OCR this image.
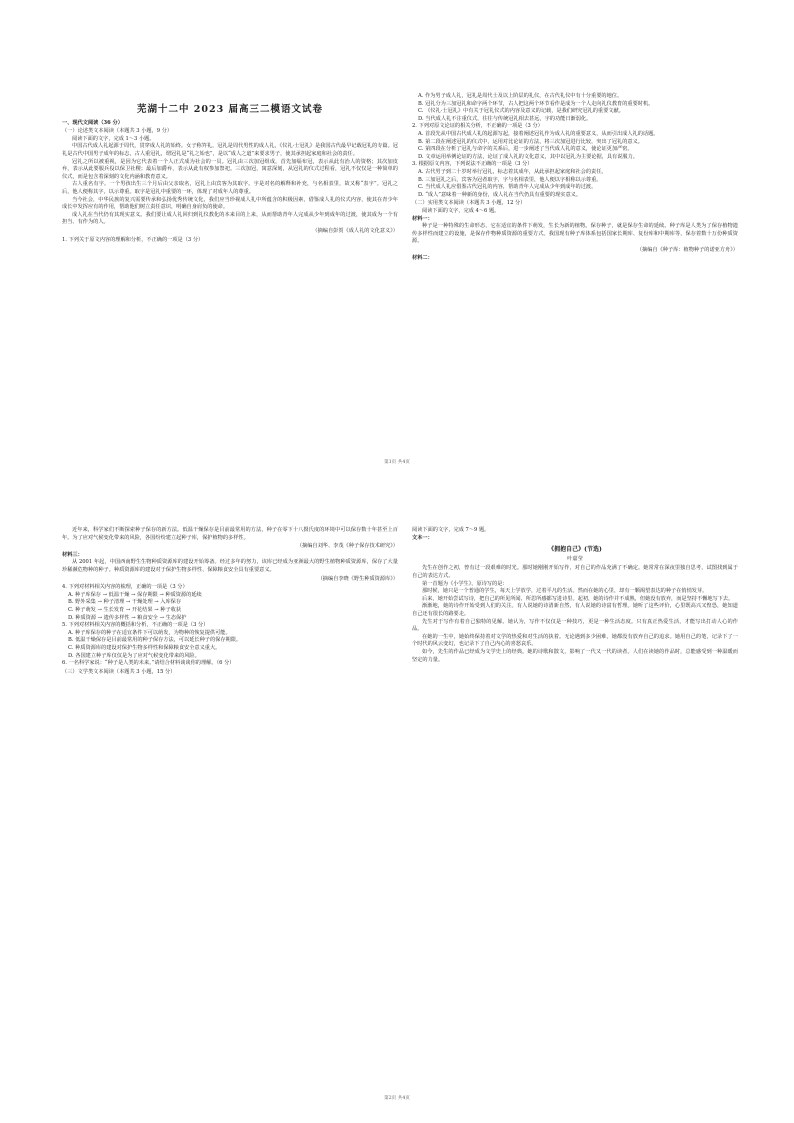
芜湖十二中 2023 届高三二模语文试卷
一、现代文阅读（36 分）
（一）论述类文本阅读（本题共 3 小题，9 分）

阅读下面的文字，完成 1～3 小题。

中国古代成人礼起源于周代，贯穿成人礼的始终。女子称笄礼，冠礼是周代男性的成人礼，《仪礼·士冠礼》是我国古代最早记载冠礼的专篇。冠礼是古代中国男子成年的标志，古人重冠礼，谓冠礼是“礼之始也”，是以“成人之道”来要求男子，使其承担起家庭和社会的责任。

冠礼之所以被重视，是因为它代表着一个人正式成为社会的一员。冠礼由三次加冠组成，首先加缁布冠，表示从此有治人的资格；其次加皮弁，表示从此要服兵役以保卫社稷；最后加爵弁，表示从此有权参加祭祀。三次加冠，寓意深刻，从冠礼的仪式过程看，冠礼不仅仅是一种简单的仪式，而是包含着深刻的文化内涵和教育意义。

古人重名有字。一个男孩出生三个月后由父亲取名，冠礼上由宾客为其取字。字是对名的解释和补充，与名相表里，故又称“表字”。冠礼之后，他人便称其字，以示尊重。取字是冠礼中重要的一环，体现了对成年人的尊重。

当今社会，中华民族的复兴需要传承和弘扬优秀传统文化，我们应当珍视成人礼中所蕴含的积极因素，借鉴成人礼的仪式内容，使其在青少年成长中发挥应有的作用，帮助他们树立责任意识，明确自身肩负的使命。

成人礼在当代仍有其现实意义。我们要让成人礼回归到礼仪教化的本来目的上来，从而帮助青年人完成从少年到成年的过渡，使其成为一个有担当、有作为的人。

（摘编自彭贺《成人礼的文化意义》）
1. 下列关于原文内容的理解和分析，不正确的一项是（3 分）
A. 作为男子成人礼，冠礼是周代士及以上阶层的礼仪，在古代礼仪中有十分重要的地位。
B. 冠礼分为三加冠礼和命字两个环节，古人把这两个环节看作是成为一个人走向礼仪教育的重要时机。
C. 《仪礼·士冠礼》中有关于冠礼仪式的内容及意义的记载，是我们研究冠礼的重要文献。
D. 当代成人礼不注重仪式，往往与传统冠礼相去甚远，字的功能日渐弱化。
2. 下列对原文论证的相关分析，不正确的一项是（3 分）
A. 首段先从中国古代成人礼的起源写起，接着阐述冠礼作为成人礼的重要意义，从而引出成人礼的话题。
B. 第二段在阐述冠礼的仪式中，运用对比论证的方法，将三次加冠进行比较，突出了冠礼的意义。
C. 第四段在分析了冠礼与命字的关系后，进一步阐述了当代成人礼的意义，使论证更加严密。
D. 文章运用举例论证的方法，论证了成人礼的文化意义，其中以冠礼为主要论据，具有说服力。
3. 根据原文内容，下列说法不正确的一项是（3 分）
A. 古代男子到二十岁时举行冠礼，标志着其成年，从此承担起家庭和社会的责任。
B. 三加冠礼之后，宾客为冠者取字，字与名相表里，他人便以字相称以示尊重。
C. 当代成人礼应借鉴古代冠礼的内容，帮助青年人完成从少年到成年的过渡。
D. “成人”意味着一种新的身份，成人礼在当代仍具有重要的现实意义。
（二）实用类文本阅读（本题共 3 小题，12 分）

阅读下面的文字，完成 4～6 题。

材料一：

种子是一种特殊的生命形态，它在适宜的条件下萌发，生长为新的植物。保存种子，就是保存生命的延续。种子库是人类为了保存植物遗传多样性而建立的设施，是保存作物种质资源的重要方式。我国现有种子库体系包括国家长期库、复份库和中期库等，保存着数十万份种质资源。

（摘编自《种子库：植物种子的诺亚方舟》）
材料二：
第1页 共4页

近年来，科学家们不断探索种子保存的新方法。低温干燥保存是目前最常用的方法，种子在零下十八摄氏度的环境中可以保存数十年甚至上百年。为了应对气候变化带来的风险，各国纷纷建立起种子库，保护植物的多样性。

（摘编自刘华、李茂《种子保存技术研究》）
材料三：

从 2001 年起，中国西南野生生物种质资源库的建设开始筹备。经过多年的努力，该库已经成为亚洲最大的野生植物种质资源库，保存了大量珍稀濒危物种的种子。种质资源库的建设对于保护生物多样性、保障粮食安全具有重要意义。

（摘编自李晓《野生种质资源库》）
4. 下列对材料相关内容的梳理，正确的一项是（3 分）
A. 种子库保存 → 低温干燥 → 保存期限 → 种质资源的延续
B. 野外采集 → 种子清理 → 干燥处理 → 入库保存
C. 种子萌发 → 生长发育 → 开花结果 → 种子收获
D. 种质资源 → 遗传多样性 → 粮食安全 → 生态保护
5. 下列对材料相关内容的概括和分析，不正确的一项是（3 分）
A. 种子库保存的种子在适宜条件下可以萌发，为物种的恢复提供可能。
B. 低温干燥保存是目前最常用的种子保存方法，可以延长种子的保存期限。
C. 种质资源库的建设对保护生物多样性和保障粮食安全意义重大。
D. 各国建立种子库仅仅是为了应对气候变化带来的风险。
6. 一名科学家说：“种子是人类的未来。”请结合材料谈谈你的理解。（6 分）
（三）文学类文本阅读（本题共 3 小题，15 分）

阅读下面的文字，完成 7～9 题。

文本一：
《拥抱自己》(节选)
叶嘉莹

先生在创作之初，曾有过一段艰难的时光。那时她刚刚开始写作，对自己的作品充满了不确定。她常常在深夜里独自思考，试图找到属于自己的表达方式。

第一首题为《小学生》，原诗写的是：

那时候，她只是一个普通的学生，每天上学放学，过着平凡的生活。然而在她的心里，却有一颗渴望表达的种子在悄悄发芽。

后来，她开始尝试写诗，把自己的所见所闻、所思所感都写进诗里。起初，她的诗作并不成熟，但她没有放弃，而是坚持不懈地写下去。

渐渐地，她的诗作开始受到人们的关注。有人说她的诗清新自然，有人说她的诗富有哲理。她听了这些评价，心里既高兴又惶恐，她知道自己还有很长的路要走。

先生对于写作有着自己独特的见解。她认为，写作不仅仅是一种技巧，更是一种生活态度。只有真正热爱生活，才能写出打动人心的作品。

在她的一生中，她始终保持着对文学的热爱和对生活的执着。无论遇到多少困难，她都没有放弃自己的追求。她用自己的笔，记录下了一个时代的风云变幻，也记录下了自己内心的喜怒哀乐。

如今，先生的作品已经成为文学史上的经典。她的诗歌和散文，影响了一代又一代的读者。人们在读她的作品时，总能感受到一种温暖而坚定的力量。

第2页 共4页
